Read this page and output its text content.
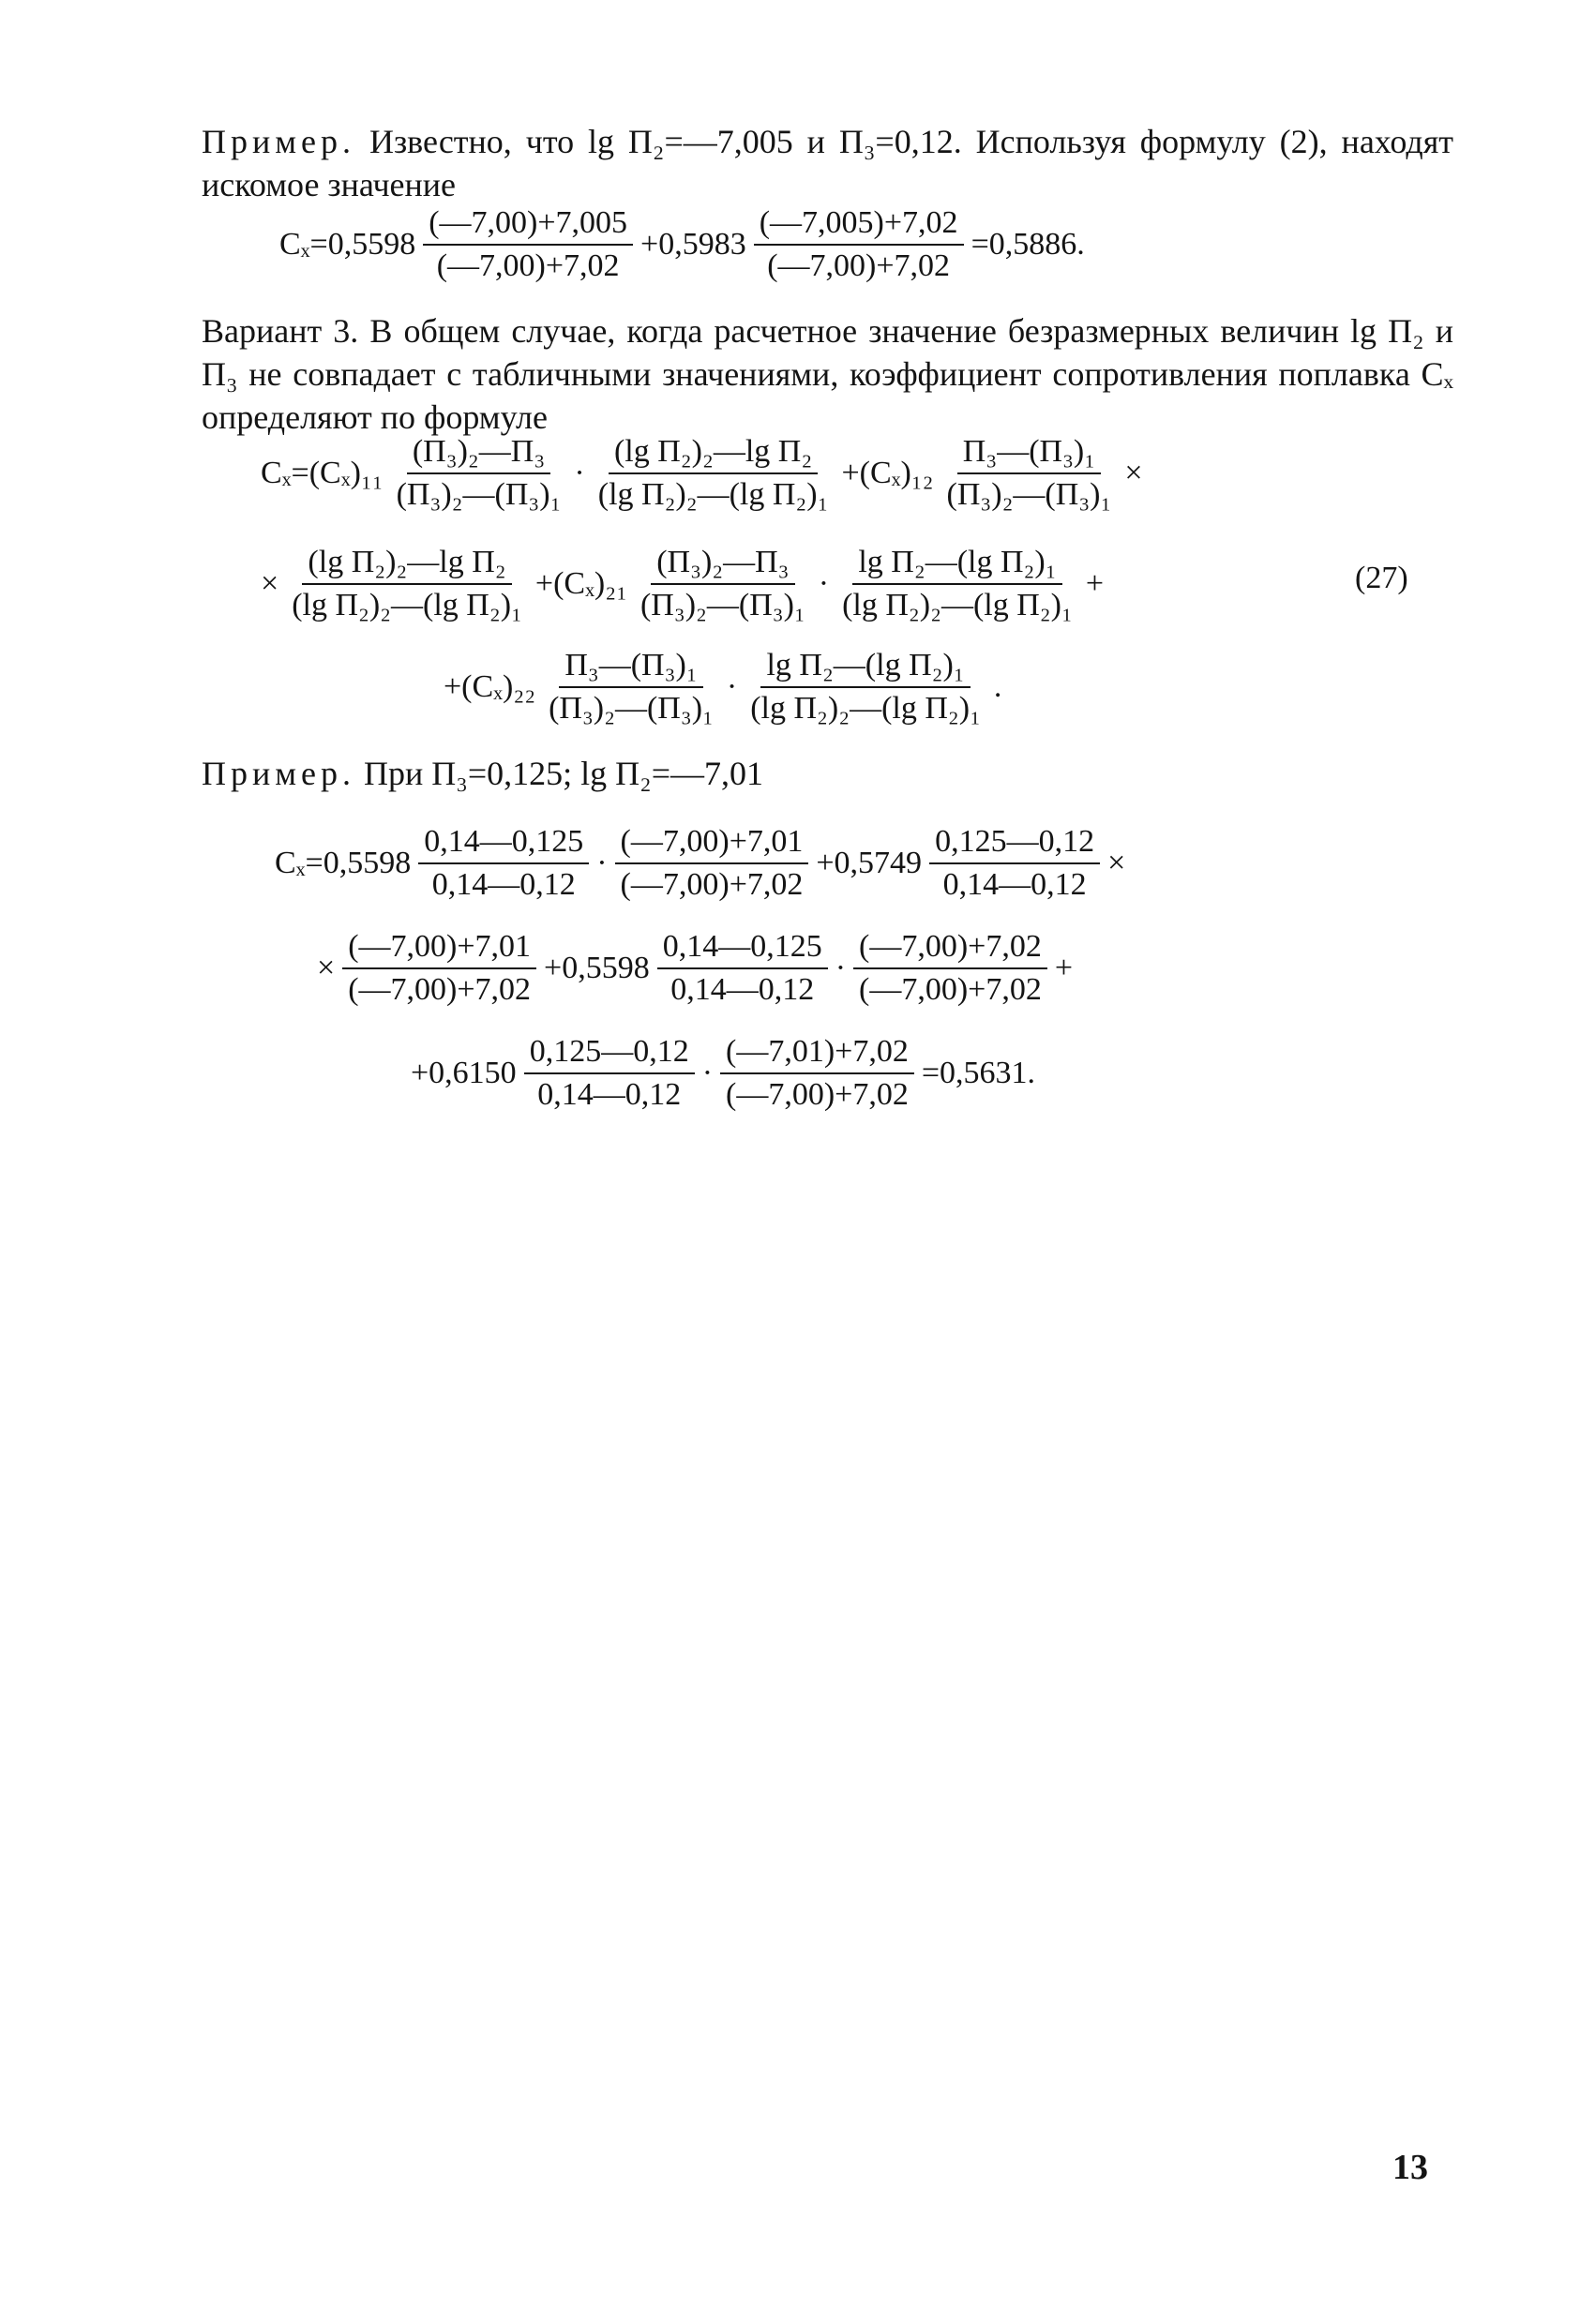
Пример. Известно, что lg П₂=—7,005 и П₃=0,12. Используя формулу (2), находят искомое значение

$C_x=0,5598 \frac{(—7,00)+7,005}{(—7,00)+7,02} +0,5983 \frac{(—7,005)+7,02}{(—7,00)+7,02} =0,5886$.

Вариант 3. В общем случае, когда расчетное значение безразмерных величин lg П₂ и П₃ не совпадает с табличными значениями, коэффициент сопротивления поплавка Cₓ определяют по формуле

$C_x=(C_x)_{11} \frac{\text{(П₃)₂—П₃}}{\text{(П₃)₂—(П₃)₁}} \cdot \frac{\text{(lg П₂)₂—lg П₂}}{\text{(lg П₂)₂—(lg П₂)₁}} +(C_x)_{12} \frac{\text{П₃—(П₃)₁}}{\text{(П₃)₂—(П₃)₁}}$ ×
× $\frac{\text{(lg П₂)₂—lg П₂}}{\text{(lg П₂)₂—(lg П₂)₁}} +(C_x)_{21} \frac{\text{(П₃)₂—П₃}}{\text{(П₃)₂—(П₃)₁}} \cdot \frac{\text{lg П₂—(lg П₂)₁}}{\text{(lg П₂)₂—(lg П₂)₁}}$ +	(27)
$+(C_x)_{22} \frac{\text{П₃—(П₃)₁}}{\text{(П₃)₂—(П₃)₁}} \cdot \frac{\text{lg П₂—(lg П₂)₁}}{\text{(lg П₂)₂—(lg П₂)₁}}$ .

Пример. При П₃=0,125; lg П₂=—7,01

$C_x=0,5598 \frac{0,14—0,125}{0,14—0,12} \cdot \frac{(—7,00)+7,01}{(—7,00)+7,02} +0,5749 \frac{0,125—0,12}{0,14—0,12}$ ×
× $\frac{(—7,00)+7,01}{(—7,00)+7,02} +0,5598 \frac{0,14—0,125}{0,14—0,12} \cdot \frac{(—7,00)+7,02}{(—7,00)+7,02}$ +
$+0,6150 \frac{0,125—0,12}{0,14—0,12} \cdot \frac{(—7,01)+7,02}{(—7,00)+7,02} =0,5631$.
13
